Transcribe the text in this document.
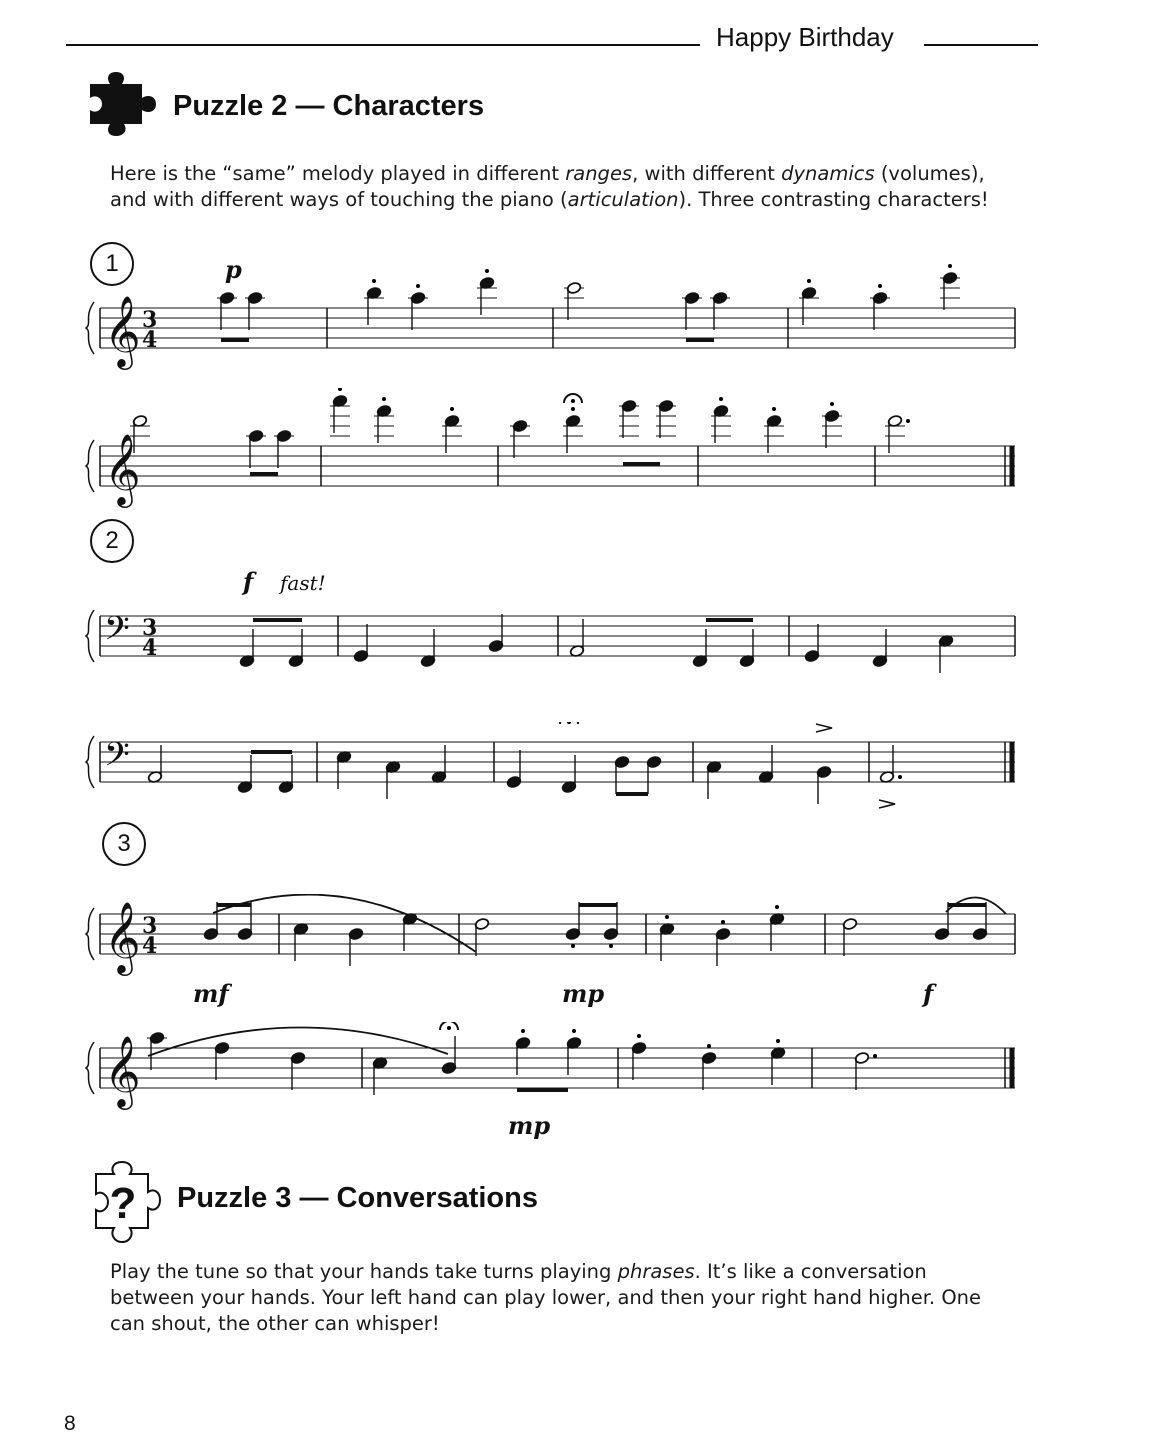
Happy Birthday
Puzzle 2 — Characters
Here is the “same” melody played in different ranges, with different dynamics (volumes), and with different ways of touching the piano (articulation). Three contrasting characters!
1
𝄞 3
4
p
𝄞
2
𝄢 3
4
f fast!
𝄢
3
𝄞 3
4
mf	mp	f
𝄞
mp
? Puzzle 3 — Conversations
Play the tune so that your hands take turns playing phrases. It’s like a conversation between your hands. Your left hand can play lower, and then your right hand higher. One can shout, the other can whisper!
8
